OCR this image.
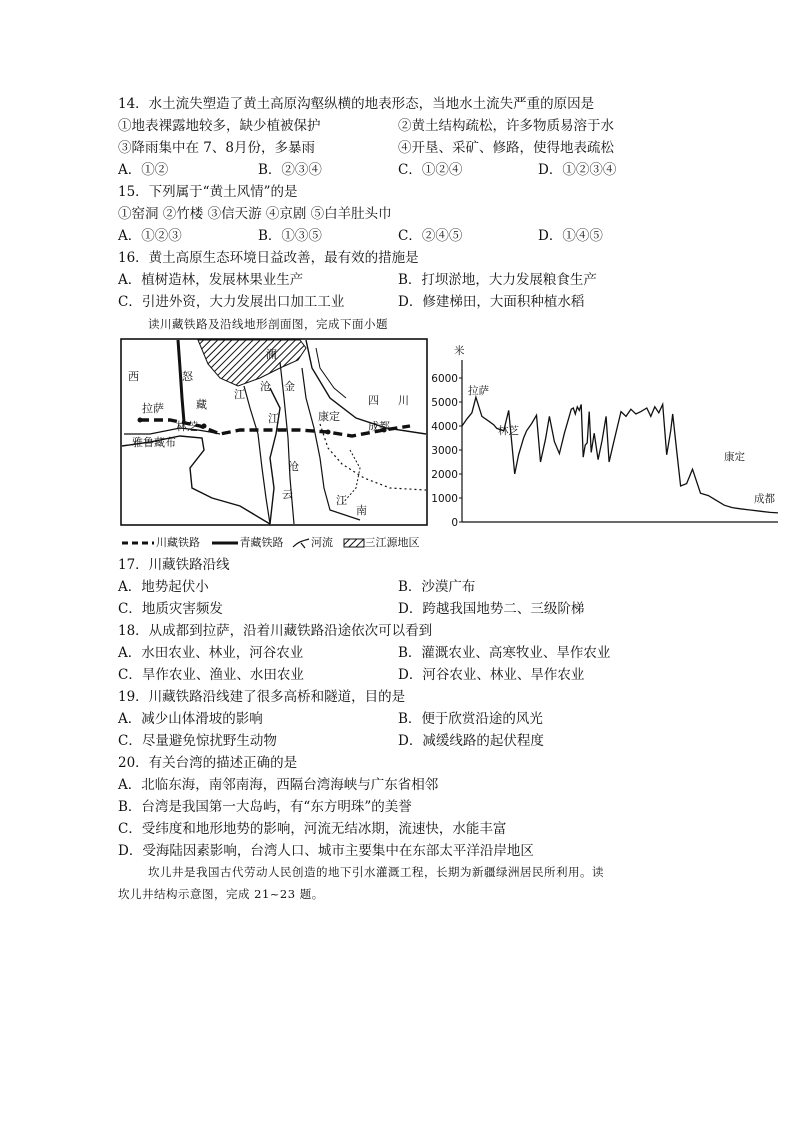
14．水土流失塑造了黄土高原沟壑纵横的地表形态，当地水土流失严重的原因是
①地表裸露地较多，缺少植被保护	②黄土结构疏松，许多物质易溶于水
③降雨集中在 7、8月份，多暴雨	④开垦、采矿、修路，使得地表疏松
A．①②	B．②③④	C．①②④	D．①②③④
15．下列属于“黄土风情”的是
①窑洞 ②竹楼 ③信天游 ④京剧 ⑤白羊肚头巾
A．①②③	B．①③⑤	C．②④⑤	D．①④⑤
16．黄土高原生态环境日益改善，最有效的措施是
A．植树造林，发展林果业生产	B．打坝淤地，大力发展粮食生产
C．引进外资，大力发展出口加工工业	D．修建梯田，大面积种植水稻
读川藏铁路及沿线地形剖面图，完成下面小题
西	怒
藏
拉萨
林芝
雅鲁藏布
澜
沧 金
江
江	康定
四 川
成都
沧
云	江
南
米
6000
5000
4000
3000
2000
1000
0
拉萨
林芝
康定
成都
川藏铁路	青藏铁路	河流	三江源地区
17．川藏铁路沿线
A．地势起伏小	B．沙漠广布
C．地质灾害频发	D．跨越我国地势二、三级阶梯
18．从成都到拉萨，沿着川藏铁路沿途依次可以看到
A．水田农业、林业，河谷农业	B．灌溉农业、高寒牧业、旱作农业
C．旱作农业、渔业、水田农业	D．河谷农业、林业、旱作农业
19．川藏铁路沿线建了很多高桥和隧道，目的是
A．减少山体滑坡的影响	B．便于欣赏沿途的风光
C．尽量避免惊扰野生动物	D．减缓线路的起伏程度
20．有关台湾的描述正确的是
A．北临东海，南邻南海，西隔台湾海峡与广东省相邻
B．台湾是我国第一大岛屿，有“东方明珠”的美誉
C．受纬度和地形地势的影响，河流无结冰期，流速快，水能丰富
D．受海陆因素影响，台湾人口、城市主要集中在东部太平洋沿岸地区
坎儿井是我国古代劳动人民创造的地下引水灌溉工程，长期为新疆绿洲居民所利用。读
坎儿井结构示意图，完成 21~23 题。
